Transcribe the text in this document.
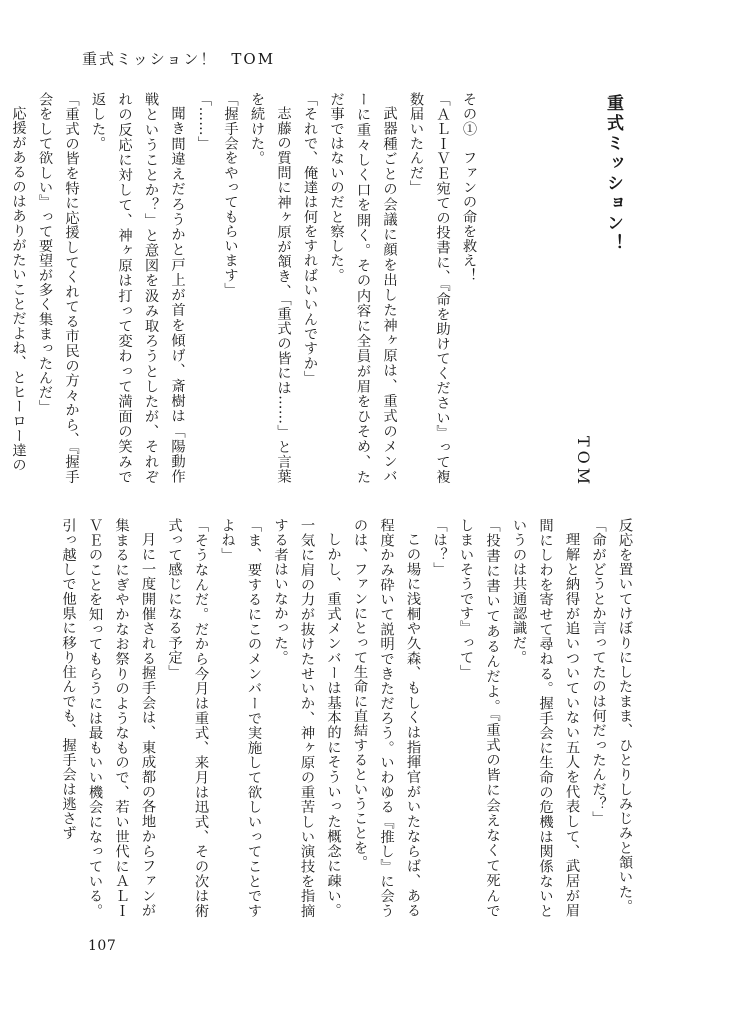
重式ミッション！ TOM
重式ミッション！
TOM

その①　ファンの命を救え！

「ＡＬＩＶＥ宛ての投書に、『命を助けてください』って複数届いたんだ」

武器種ごとの会議に顔を出した神ヶ原は、重式のメンバーに重々しく口を開く。その内容に全員が眉をひそめ、ただ事ではないのだと察した。

「それで、俺達は何をすればいいんですか」

志藤の質問に神ヶ原が頷き、「重式の皆には……」と言葉を続けた。

「握手会をやってもらいます」

「……」

聞き間違えだろうかと戸上が首を傾げ、斎樹は「陽動作戦ということか？」と意図を汲み取ろうとしたが、それぞれの反応に対して、神ヶ原は打って変わって満面の笑みで返した。

「重式の皆を特に応援してくれてる市民の方々から、『握手会をして欲しい』って要望が多く集まったんだ」

応援があるのはありがたいことだよね、とヒーロー達の

反応を置いてけぼりにしたまま、ひとりしみじみと頷いた。

「命がどうとか言ってたのは何だったんだ？」

理解と納得が追いついていない五人を代表して、武居が眉間にしわを寄せて尋ねる。握手会に生命の危機は関係ないというのは共通認識だ。

「投書に書いてあるんだよ。『重式の皆に会えなくて死んでしまいそうです』って」

「は？」

この場に浅桐や久森、もしくは指揮官がいたならば、ある程度かみ砕いて説明できただろう。いわゆる『推し』に会うのは、ファンにとって生命に直結するということを。

しかし、重式メンバーは基本的にそういった概念に疎い。一気に肩の力が抜けたせいか、神ヶ原の重苦しい演技を指摘する者はいなかった。

「ま、要するにこのメンバーで実施して欲しいってことですよね」

「そうなんだ。だから今月は重式、来月は迅式、その次は術式って感じになる予定」

月に一度開催される握手会は、東成都の各地からファンが集まるにぎやかなお祭りのようなもので、若い世代にＡＬＩＶＥのことを知ってもらうには最もいい機会になっている。引っ越しで他県に移り住んでも、握手会は逃さず

107
